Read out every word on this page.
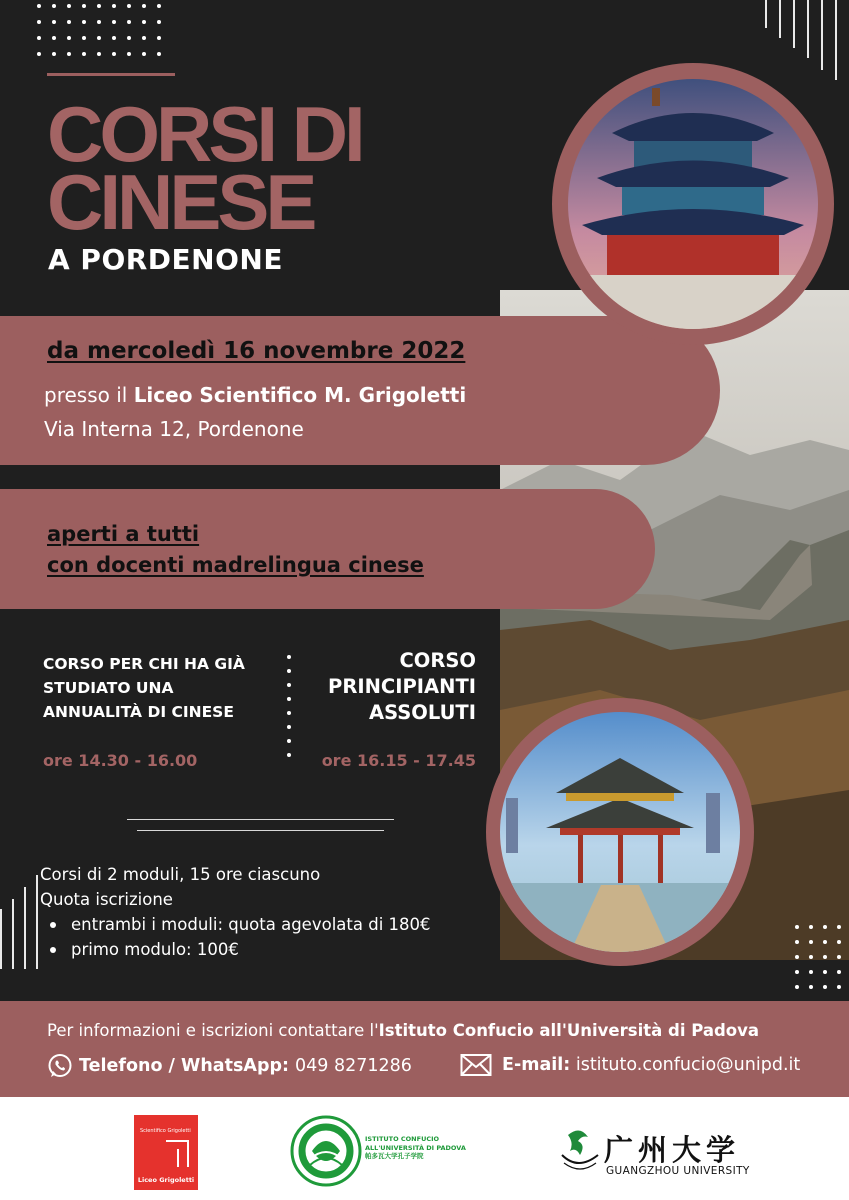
CORSI DI
CINESE
A PORDENONE
da mercoledì 16 novembre 2022
presso il Liceo Scientifico M. Grigoletti
Via Interna 12, Pordenone
aperti a tutti
con docenti madrelingua cinese
CORSO PER CHI HA GIÀ
STUDIATO UNA
ANNUALITÀ DI CINESE
ore 14.30 - 16.00
CORSO
PRINCIPIANTI
ASSOLUTI
ore 16.15 - 17.45
Corsi di 2 moduli, 15 ore ciascuno
Quota iscrizione
entrambi i moduli: quota agevolata di 180€
primo modulo: 100€
Per informazioni e iscrizioni contattare l'Istituto Confucio all'Università di Padova
Telefono / WhatsApp: 049 8271286	E-mail: istituto.confucio@unipd.it
Scientifico Grigoletti
Liceo Grigoletti
ISTITUTO CONFUCIO
ALL'UNIVERSITÀ DI PADOVA
帕多瓦大学孔子学院	广州大学
GUANGZHOU UNIVERSITY
